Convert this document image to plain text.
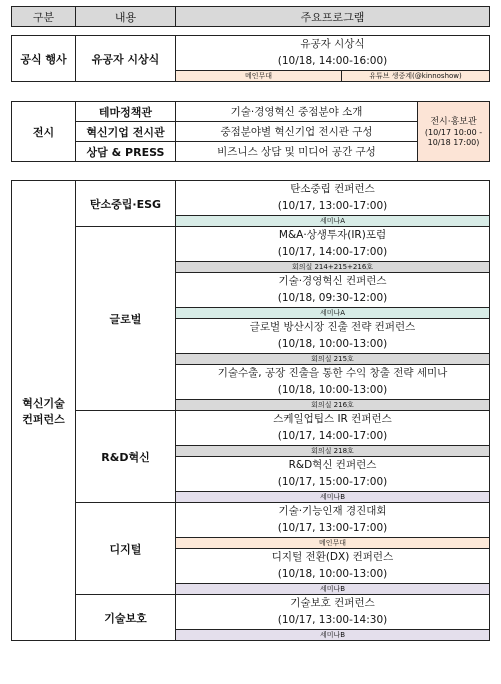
구분	내용	주요프로그램
공식 행사	유공자 시상식	유공자 시상식	
		(10/18, 14:00-16:00)	
		메인무대	유튜브 생중계(@kinnoshow)
전시	테마정책관	기술·경영혁신 중점분야 소개	전시·홍보관
(10/17 10:00 -
10/18 17:00)

	혁신기업 전시관	중점분야별 혁신기업 전시관 구성	
	상담 & PRESS	비즈니스 상담 및 미디어 공간 구성	
혁신기술
컨퍼런스	탄소중립·ESG	탄소중립 컨퍼런스
		(10/17, 13:00-17:00)
		세미나A
	글로벌	M&A·상생투자(IR)포럼
		(10/17, 14:00-17:00)
		회의실 214+215+216호
		기술·경영혁신 컨퍼런스
		(10/18, 09:30-12:00)
		세미나A
		글로벌 방산시장 진출 전략 컨퍼런스
		(10/18, 10:00-13:00)
		회의실 215호
		기술수출, 공장 진출을 통한 수익 창출 전략 세미나
		(10/18, 10:00-13:00)
		회의실 216호
	R&D혁신	스케일업팁스 IR 컨퍼런스
		(10/17, 14:00-17:00)
		회의실 218호
		R&D혁신 컨퍼런스
		(10/17, 15:00-17:00)
		세미나B
	디지털	기술·기능인재 경진대회
		(10/17, 13:00-17:00)
		메인무대
		디지털 전환(DX) 컨퍼런스
		(10/18, 10:00-13:00)
		세미나B
	기술보호	기술보호 컨퍼런스
		(10/17, 13:00-14:30)
		세미나B
